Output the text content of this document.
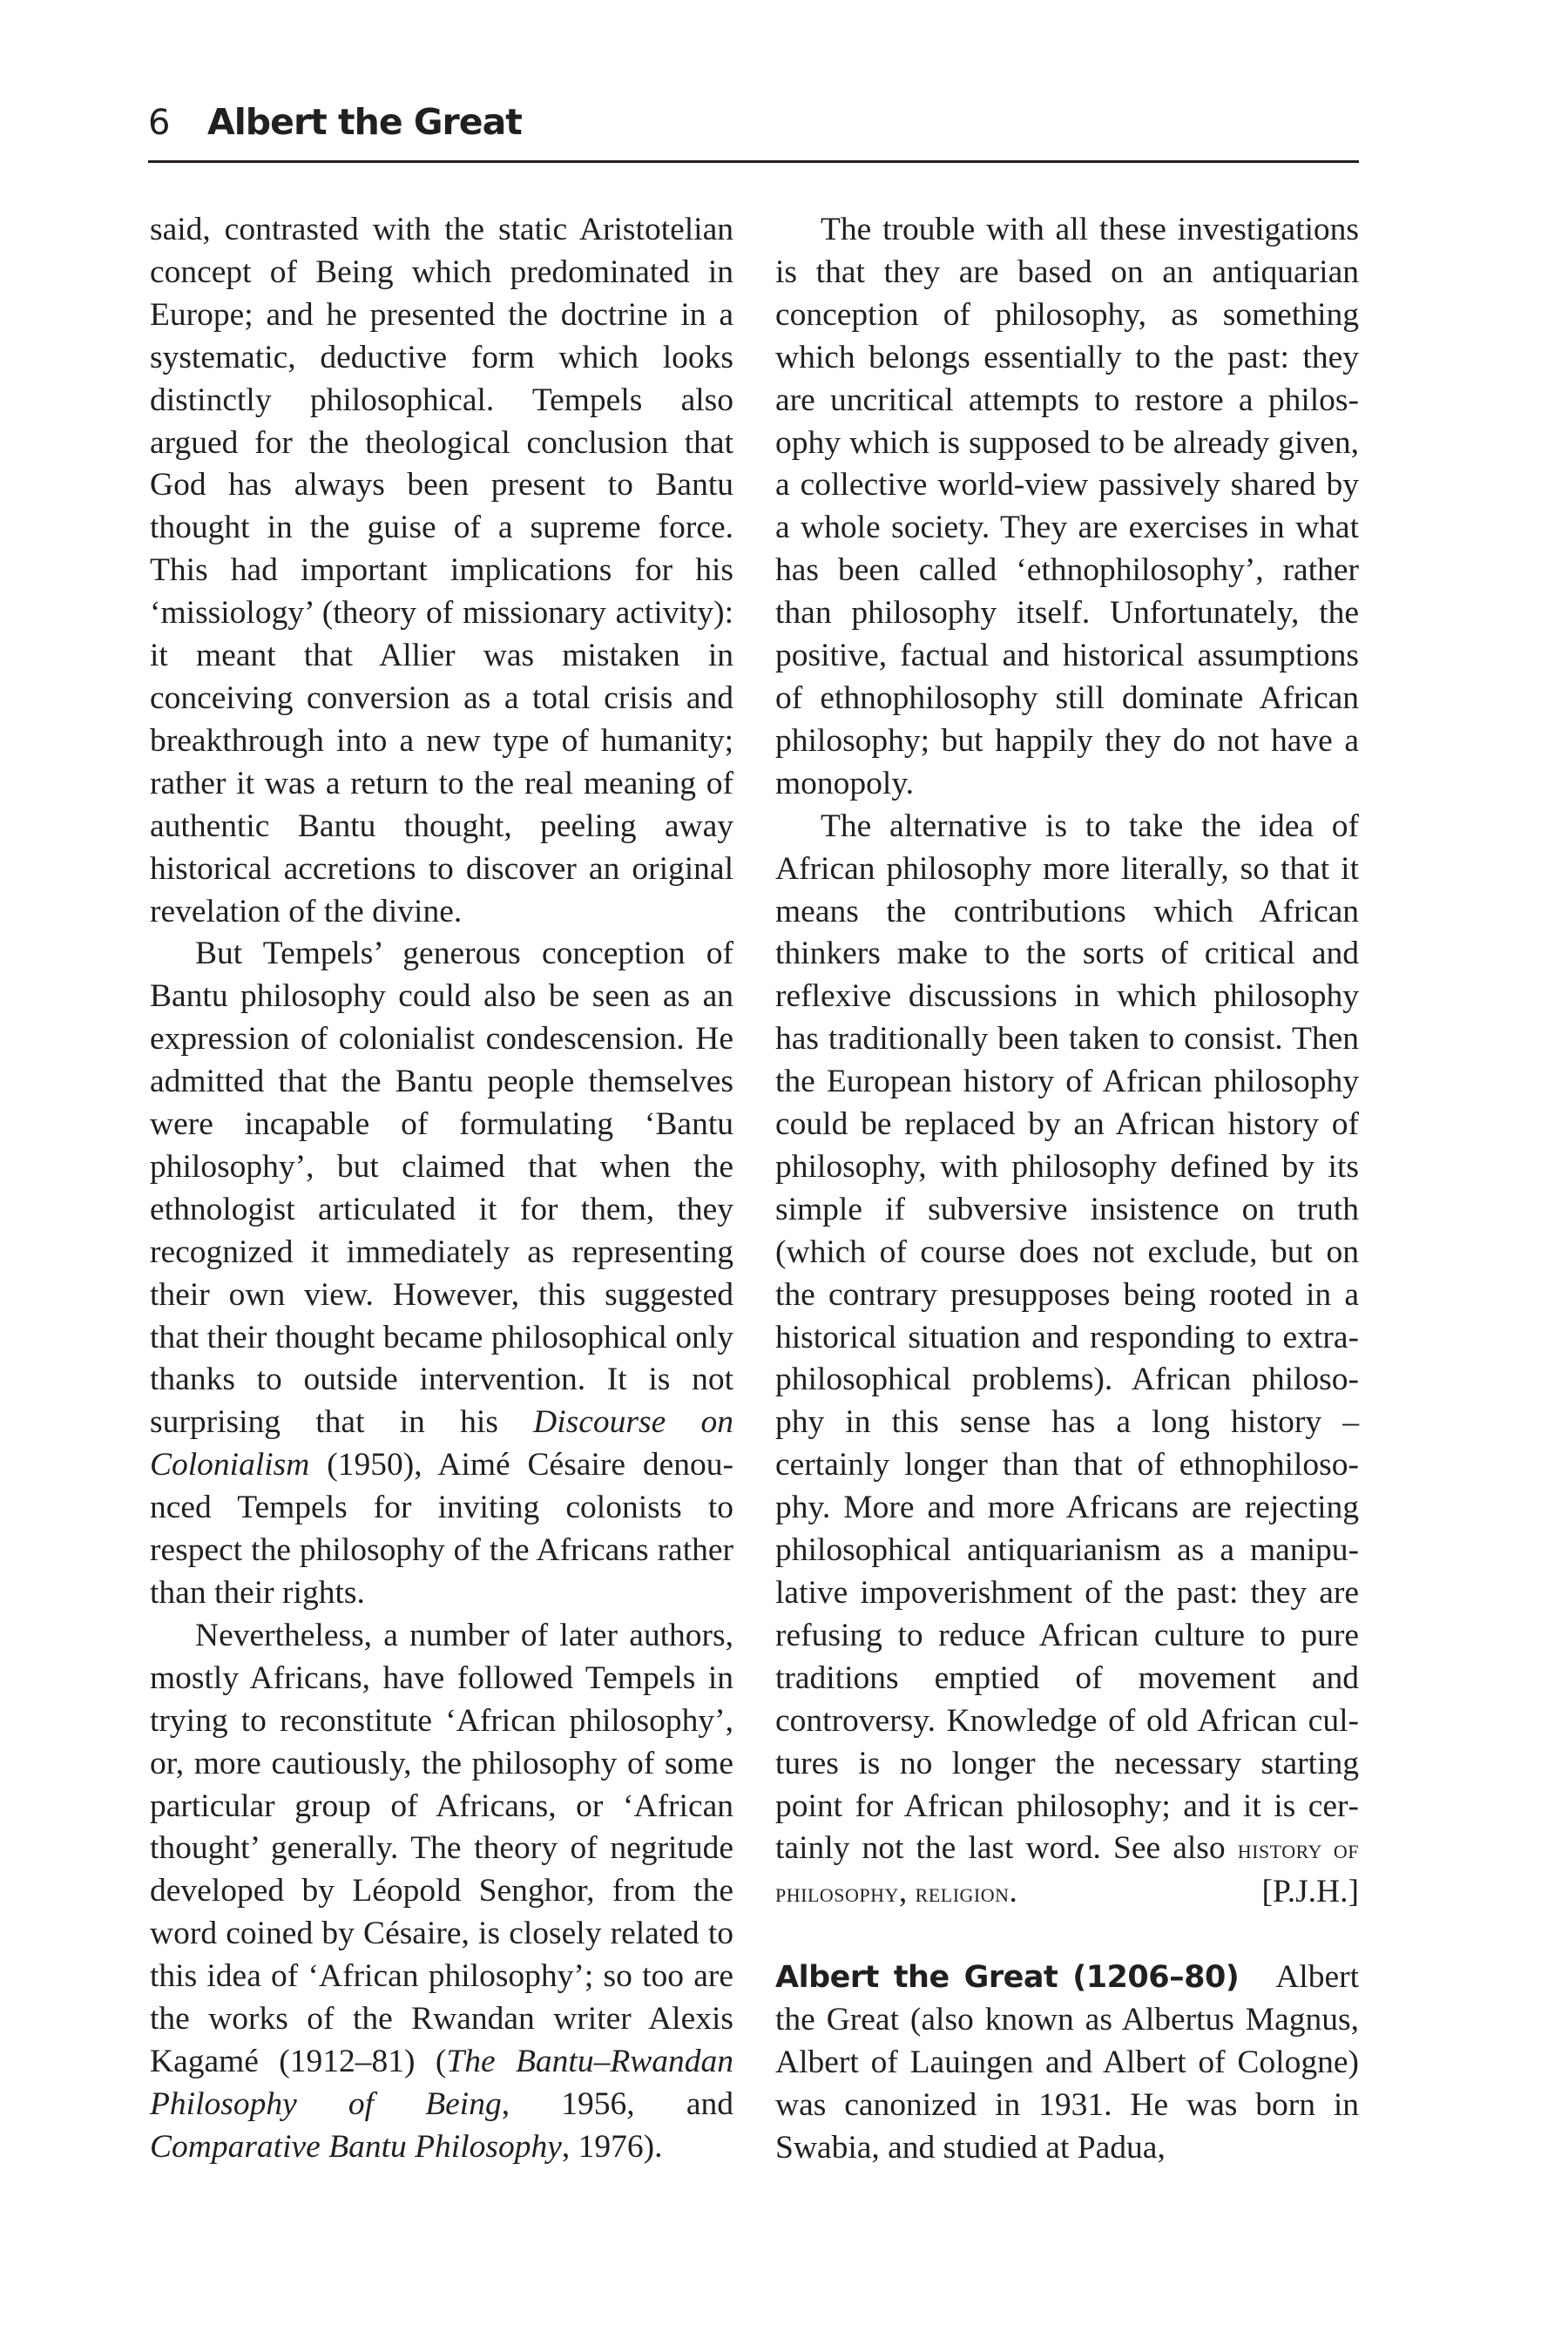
6 Albert the Great

said, contrasted with the static Aristotelian concept of Being which predominated in Europe; and he presented the doctrine in a systematic, deductive form which looks distinctly philosophical. Tempels also argued for the theological conclusion that God has always been present to Bantu thought in the guise of a supreme force. This had important implications for his ‘missiology’ (theory of missionary activity): it meant that Allier was mistaken in conceiving conversion as a total crisis and breakthrough into a new type of humanity; rather it was a return to the real meaning of authentic Bantu thought, peeling away historical accretions to discover an original revelation of the divine.

But Tempels’ generous conception of Bantu philosophy could also be seen as an expression of colonialist condescension. He admitted that the Bantu people themselves were incapable of formulating ‘Bantu philosophy’, but claimed that when the ethnologist articulated it for them, they recognized it immediately as representing their own view. However, this suggested that their thought became philosophical only thanks to outside intervention. It is not surprising that in his Discourse on Colonialism (1950), Aimé Césaire denounced Tempels for inviting colonists to respect the philosophy of the Africans rather than their rights.

Nevertheless, a number of later authors, mostly Africans, have followed Tempels in trying to reconstitute ‘African philosophy’, or, more cautiously, the philosophy of some particular group of Africans, or ‘African thought’ generally. The theory of negritude developed by Léopold Senghor, from the word coined by Césaire, is closely related to this idea of ‘African philosophy’; so too are the works of the Rwandan writer Alexis Kagamé (1912–81) (The Bantu–Rwandan Philosophy of Being, 1956, and Comparative Bantu Philosophy, 1976).

The trouble with all these investigations is that they are based on an antiquarian conception of philosophy, as something which belongs essentially to the past: they are uncritical attempts to restore a philosophy which is supposed to be already given, a collective world-view passively shared by a whole society. They are exercises in what has been called ‘ethnophilosophy’, rather than philosophy itself. Unfortunately, the positive, factual and historical assumptions of ethnophilosophy still dominate African philosophy; but happily they do not have a monopoly.

The alternative is to take the idea of African philosophy more literally, so that it means the contributions which African thinkers make to the sorts of critical and reflexive discussions in which philosophy has traditionally been taken to consist. Then the European history of African philosophy could be replaced by an African history of philosophy, with philosophy defined by its simple if subversive insistence on truth (which of course does not exclude, but on the contrary presupposes being rooted in a historical situation and responding to extra-philosophical problems). African philosophy in this sense has a long history – certainly longer than that of ethnophilosophy. More and more Africans are rejecting philosophical antiquarianism as a manipulative impoverishment of the past: they are refusing to reduce African culture to pure traditions emptied of movement and controversy. Knowledge of old African cultures is no longer the necessary starting point for African philosophy; and it is certainly not the last word. See also history of philosophy, religion.	[P.J.H.]

Albert the Great (1206–80) Albert the Great (also known as Albertus Magnus, Albert of Lauingen and Albert of Cologne) was canonized in 1931. He was born in Swabia, and studied at Padua,
